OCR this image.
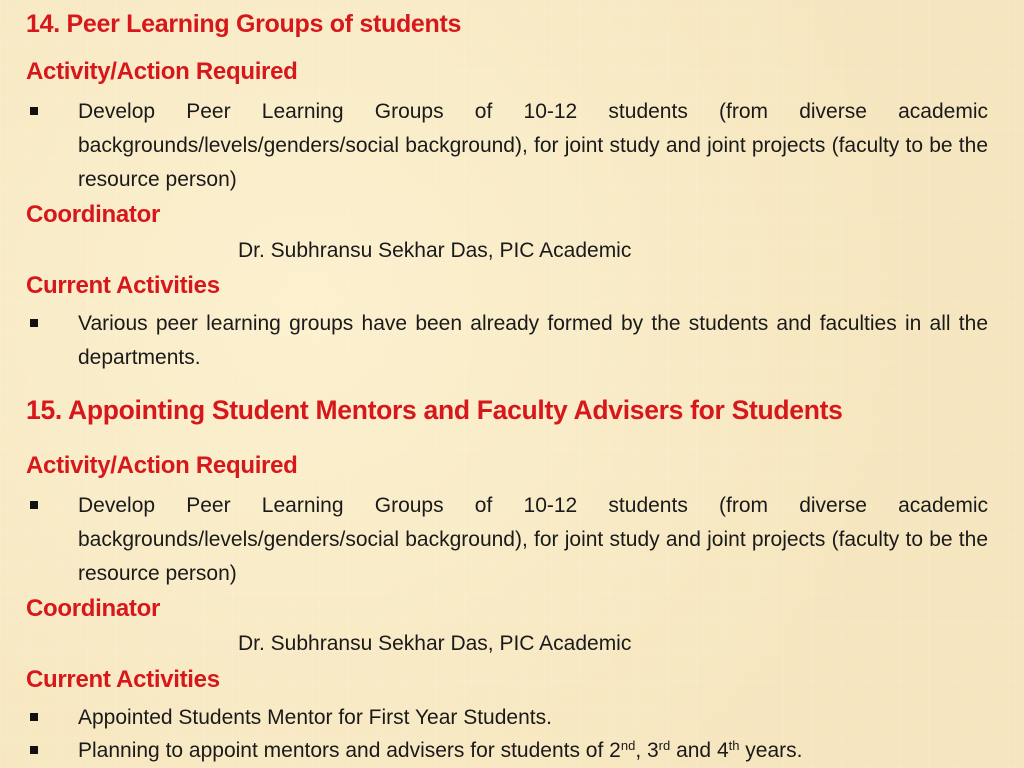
14. Peer Learning Groups of students
Activity/Action Required
Develop Peer Learning Groups of 10-12 students (from diverse academic backgrounds/levels/genders/social background), for joint study and joint projects (faculty to be the resource person)
Coordinator
Dr. Subhransu Sekhar Das, PIC Academic
Current Activities
Various peer learning groups have been already formed by the students and faculties in all the departments.
15. Appointing Student Mentors and Faculty Advisers for Students
Activity/Action Required
Develop Peer Learning Groups of 10-12 students (from diverse academic backgrounds/levels/genders/social background), for joint study and joint projects (faculty to be the resource person)
Coordinator
Dr. Subhransu Sekhar Das, PIC Academic
Current Activities
Appointed Students Mentor for First Year Students.
Planning to appoint mentors and advisers for students of 2nd, 3rd and 4th years.
